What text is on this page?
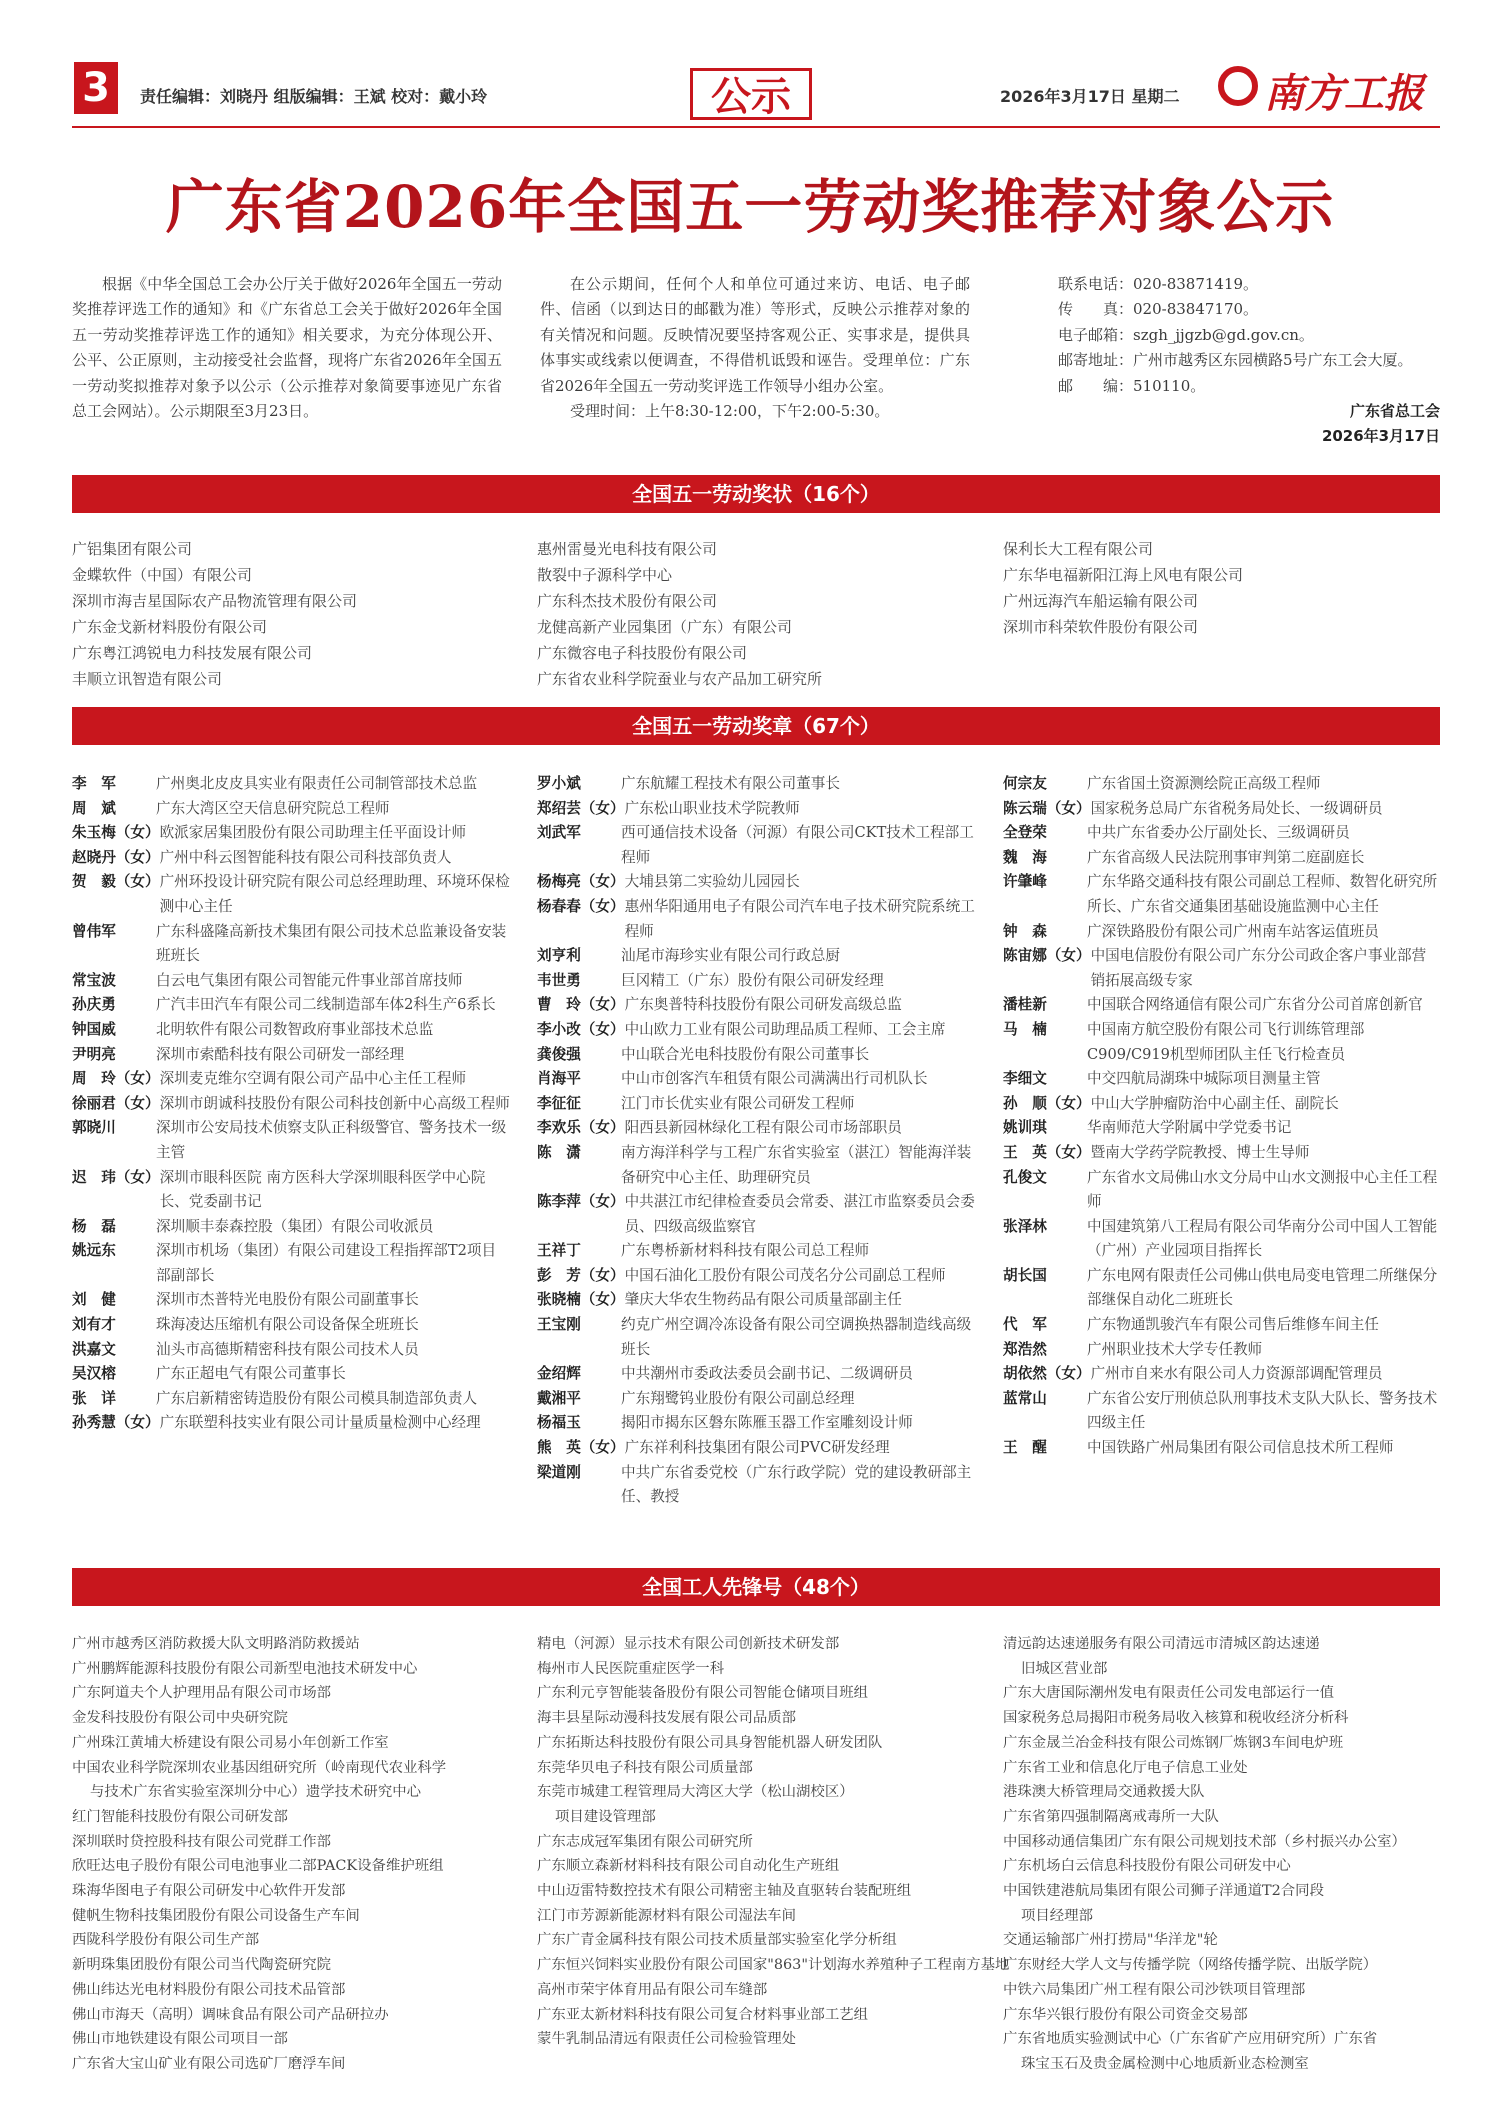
3	责任编辑：刘晓丹 组版编辑：王斌 校对：戴小玲	公示	2026年3月17日 星期二 南方工报
广东省2026年全国五一劳动奖推荐对象公示

根据《中华全国总工会办公厅关于做好2026年全国五一劳动奖推荐评选工作的通知》和《广东省总工会关于做好2026年全国五一劳动奖推荐评选工作的通知》相关要求，为充分体现公开、公平、公正原则，主动接受社会监督，现将广东省2026年全国五一劳动奖拟推荐对象予以公示（公示推荐对象简要事迹见广东省总工会网站）。公示期限至3月23日。

在公示期间，任何个人和单位可通过来访、电话、电子邮件、信函（以到达日的邮戳为准）等形式，反映公示推荐对象的有关情况和问题。反映情况要坚持客观公正、实事求是，提供具体事实或线索以便调查，不得借机诋毁和诬告。受理单位：广东省2026年全国五一劳动奖评选工作领导小组办公室。

受理时间：上午8:30-12:00，下午2:00-5:30。

联系电话：020-83871419。

传　　真：020-83847170。

电子邮箱：szgh_jjgzb@gd.gov.cn。

邮寄地址：广州市越秀区东园横路5号广东工会大厦。

邮　　编：510110。

广东省总工会
2026年3月17日
全国五一劳动奖状（16个）
广铝集团有限公司
金蝶软件（中国）有限公司
深圳市海吉星国际农产品物流管理有限公司
广东金戈新材料股份有限公司
广东粤江鸿锐电力科技发展有限公司
丰顺立讯智造有限公司
惠州雷曼光电科技有限公司
散裂中子源科学中心
广东科杰技术股份有限公司
龙健高新产业园集团（广东）有限公司
广东微容电子科技股份有限公司
广东省农业科学院蚕业与农产品加工研究所
保利长大工程有限公司
广东华电福新阳江海上风电有限公司
广州远海汽车船运输有限公司
深圳市科荣软件股份有限公司
全国五一劳动奖章（67个）
李　军	广州奥北皮皮具实业有限责任公司制管部技术总监
周　斌	广东大湾区空天信息研究院总工程师
朱玉梅（女） 欧派家居集团股份有限公司助理主任平面设计师
赵晓丹（女） 广州中科云图智能科技有限公司科技部负责人
贺　毅（女） 广州环投设计研究院有限公司总经理助理、环境环保检测中心主任
曾伟军	广东科盛隆高新技术集团有限公司技术总监兼设备安装班班长
常宝波	白云电气集团有限公司智能元件事业部首席技师
孙庆勇	广汽丰田汽车有限公司二线制造部车体2科生产6系长
钟国威	北明软件有限公司数智政府事业部技术总监
尹明亮	深圳市索酷科技有限公司研发一部经理
周　玲（女） 深圳麦克维尔空调有限公司产品中心主任工程师
徐丽君（女） 深圳市朗诚科技股份有限公司科技创新中心高级工程师
郭晓川	深圳市公安局技术侦察支队正科级警官、警务技术一级主管
迟　玮（女） 深圳市眼科医院 南方医科大学深圳眼科医学中心院长、党委副书记
杨　磊	深圳顺丰泰森控股（集团）有限公司收派员
姚远东	深圳市机场（集团）有限公司建设工程指挥部T2项目部副部长
刘　健	深圳市杰普特光电股份有限公司副董事长
刘有才	珠海凌达压缩机有限公司设备保全班班长
洪嘉文	汕头市高德斯精密科技有限公司技术人员
吴汉榕	广东正超电气有限公司董事长
张　详	广东启新精密铸造股份有限公司模具制造部负责人
孙秀慧（女） 广东联塑科技实业有限公司计量质量检测中心经理
罗小斌	广东航耀工程技术有限公司董事长
郑绍芸（女） 广东松山职业技术学院教师
刘武军	西可通信技术设备（河源）有限公司CKT技术工程部工程师
杨梅亮（女） 大埔县第二实验幼儿园园长
杨春春（女） 惠州华阳通用电子有限公司汽车电子技术研究院系统工程师
刘亨利	汕尾市海珍实业有限公司行政总厨
韦世勇	巨冈精工（广东）股份有限公司研发经理
曹　玲（女） 广东奥普特科技股份有限公司研发高级总监
李小改（女） 中山欧力工业有限公司助理品质工程师、工会主席
龚俊强	中山联合光电科技股份有限公司董事长
肖海平	中山市创客汽车租赁有限公司满满出行司机队长
李征征	江门市长优实业有限公司研发工程师
李欢乐（女） 阳西县新园林绿化工程有限公司市场部职员
陈　潇	南方海洋科学与工程广东省实验室（湛江）智能海洋装备研究中心主任、助理研究员
陈李萍（女） 中共湛江市纪律检查委员会常委、湛江市监察委员会委员、四级高级监察官
王祥丁	广东粤桥新材料科技有限公司总工程师
彭　芳（女） 中国石油化工股份有限公司茂名分公司副总工程师
张晓楠（女） 肇庆大华农生物药品有限公司质量部副主任
王宝刚	约克广州空调冷冻设备有限公司空调换热器制造线高级班长
金绍辉	中共潮州市委政法委员会副书记、二级调研员
戴湘平	广东翔鹭钨业股份有限公司副总经理
杨福玉	揭阳市揭东区磐东陈雁玉器工作室雕刻设计师
熊　英（女） 广东祥利科技集团有限公司PVC研发经理
梁道刚	中共广东省委党校（广东行政学院）党的建设教研部主任、教授
何宗友	广东省国土资源测绘院正高级工程师
陈云瑞（女） 国家税务总局广东省税务局处长、一级调研员
全登荣	中共广东省委办公厅副处长、三级调研员
魏　海	广东省高级人民法院刑事审判第二庭副庭长
许肇峰	广东华路交通科技有限公司副总工程师、数智化研究所所长、广东省交通集团基础设施监测中心主任
钟　森	广深铁路股份有限公司广州南车站客运值班员
陈宙娜（女） 中国电信股份有限公司广东分公司政企客户事业部营销拓展高级专家
潘桂新	中国联合网络通信有限公司广东省分公司首席创新官
马　楠	中国南方航空股份有限公司飞行训练管理部C909/C919机型师团队主任飞行检查员
李细文	中交四航局湖珠中城际项目测量主管
孙　顺（女） 中山大学肿瘤防治中心副主任、副院长
姚训琪	华南师范大学附属中学党委书记
王　英（女） 暨南大学药学院教授、博士生导师
孔俊文	广东省水文局佛山水文分局中山水文测报中心主任工程师
张泽林	中国建筑第八工程局有限公司华南分公司中国人工智能（广州）产业园项目指挥长
胡长国	广东电网有限责任公司佛山供电局变电管理二所继保分部继保自动化二班班长
代　军	广东物通凯骏汽车有限公司售后维修车间主任
郑浩然	广州职业技术大学专任教师
胡依然（女） 广州市自来水有限公司人力资源部调配管理员
蓝常山	广东省公安厅刑侦总队刑事技术支队大队长、警务技术四级主任
王　醒	中国铁路广州局集团有限公司信息技术所工程师
全国工人先锋号（48个）
广州市越秀区消防救援大队文明路消防救援站
广州鹏辉能源科技股份有限公司新型电池技术研发中心
广东阿道夫个人护理用品有限公司市场部
金发科技股份有限公司中央研究院
广州珠江黄埔大桥建设有限公司易小年创新工作室
中国农业科学院深圳农业基因组研究所（岭南现代农业科学
与技术广东省实验室深圳分中心）遗学技术研究中心
红门智能科技股份有限公司研发部
深圳联时贷控股科技有限公司党群工作部
欣旺达电子股份有限公司电池事业二部PACK设备维护班组
珠海华图电子有限公司研发中心软件开发部
健帆生物科技集团股份有限公司设备生产车间
西陇科学股份有限公司生产部
新明珠集团股份有限公司当代陶瓷研究院
佛山纬达光电材料股份有限公司技术品管部
佛山市海天（高明）调味食品有限公司产品研拉办
佛山市地铁建设有限公司项目一部
广东省大宝山矿业有限公司选矿厂磨浮车间
精电（河源）显示技术有限公司创新技术研发部
梅州市人民医院重症医学一科
广东利元亨智能装备股份有限公司智能仓储项目班组
海丰县星际动漫科技发展有限公司品质部
广东拓斯达科技股份有限公司具身智能机器人研发团队
东莞华贝电子科技有限公司质量部
东莞市城建工程管理局大湾区大学（松山湖校区）
项目建设管理部
广东志成冠军集团有限公司研究所
广东顺立森新材料科技有限公司自动化生产班组
中山迈雷特数控技术有限公司精密主轴及直驱转台装配班组
江门市芳源新能源材料有限公司湿法车间
广东广青金属科技有限公司技术质量部实验室化学分析组
广东恒兴饲料实业股份有限公司国家"863"计划海水养殖种子工程南方基地
高州市荣宇体育用品有限公司车缝部
广东亚太新材料科技有限公司复合材料事业部工艺组
蒙牛乳制品清远有限责任公司检验管理处
清远韵达速递服务有限公司清远市清城区韵达速递
旧城区营业部
广东大唐国际潮州发电有限责任公司发电部运行一值
国家税务总局揭阳市税务局收入核算和税收经济分析科
广东金晟兰冶金科技有限公司炼钢厂炼钢3车间电炉班
广东省工业和信息化厅电子信息工业处
港珠澳大桥管理局交通救援大队
广东省第四强制隔离戒毒所一大队
中国移动通信集团广东有限公司规划技术部（乡村振兴办公室）
广东机场白云信息科技股份有限公司研发中心
中国铁建港航局集团有限公司狮子洋通道T2合同段
项目经理部
交通运输部广州打捞局"华洋龙"轮
广东财经大学人文与传播学院（网络传播学院、出版学院）
中铁六局集团广州工程有限公司沙铁项目管理部
广东华兴银行股份有限公司资金交易部
广东省地质实验测试中心（广东省矿产应用研究所）广东省
珠宝玉石及贵金属检测中心地质新业态检测室
